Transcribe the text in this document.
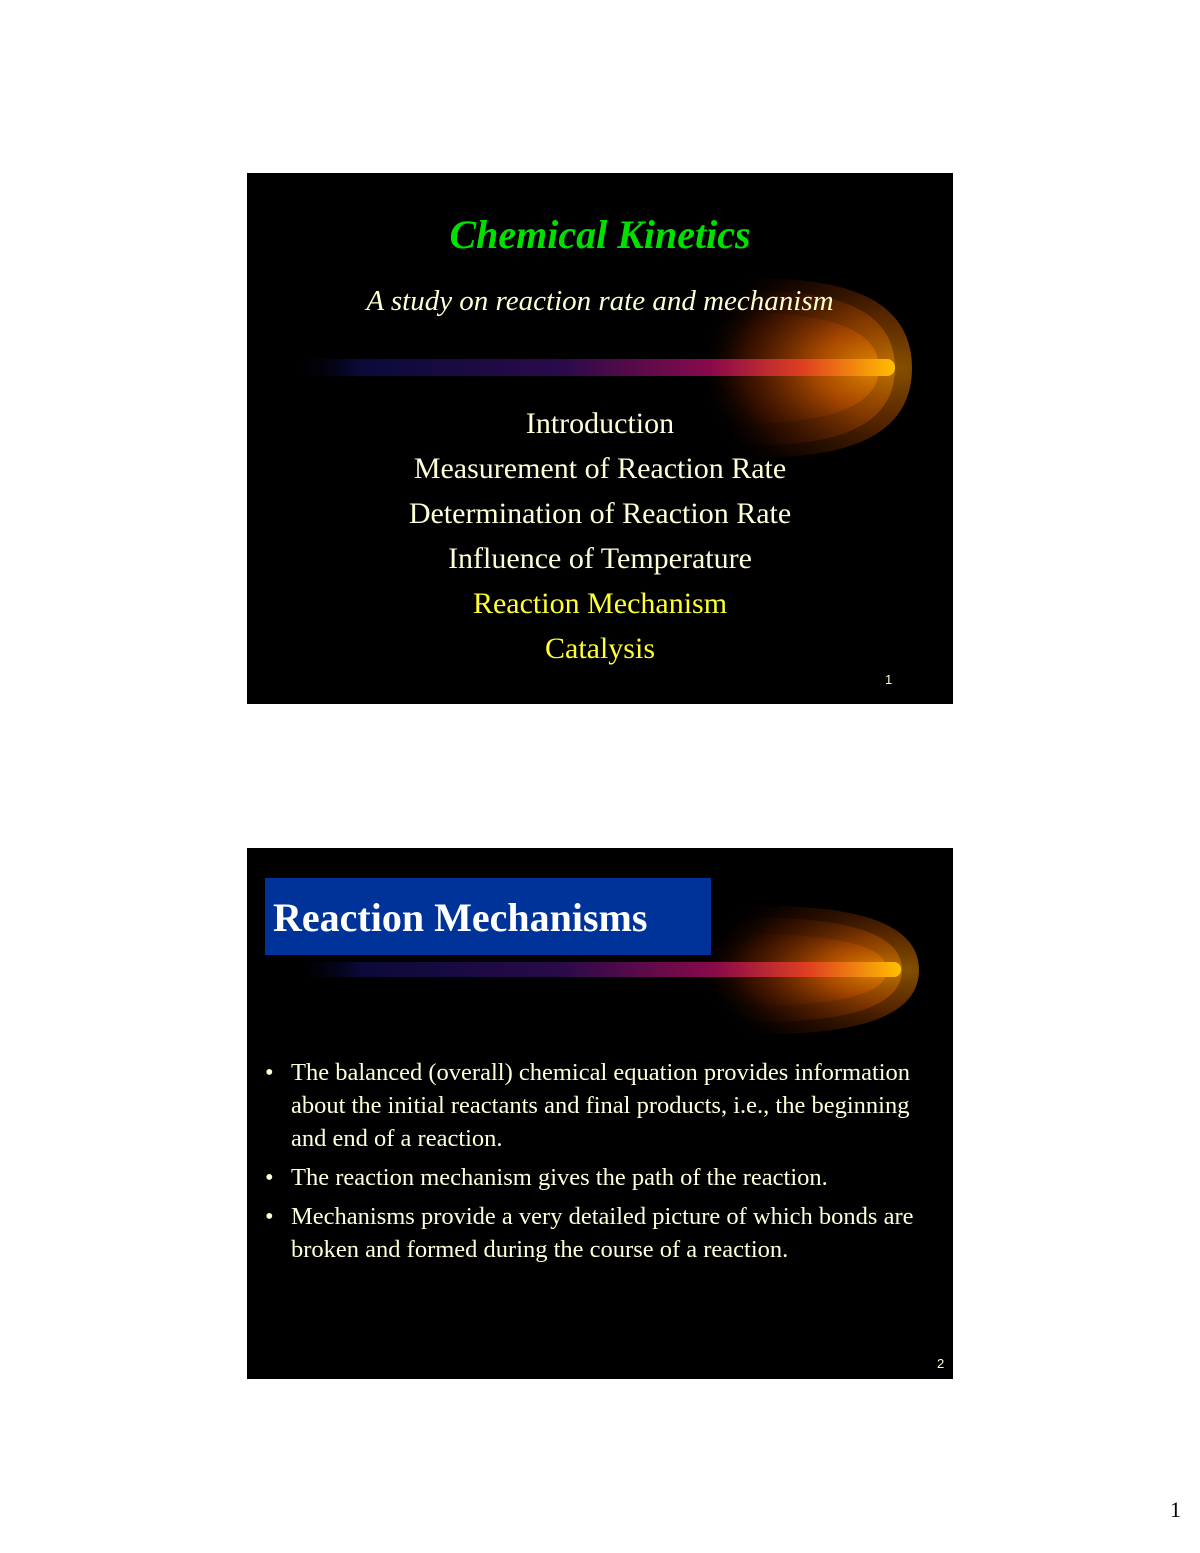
Chemical Kinetics
A study on reaction rate and mechanism
Introduction
Measurement of Reaction Rate
Determination of Reaction Rate
Influence of Temperature
Reaction Mechanism
Catalysis
1
Reaction Mechanisms
• The balanced (overall) chemical equation provides information about the initial reactants and final products, i.e., the beginning and end of a reaction.
• The reaction mechanism gives the path of the reaction.
• Mechanisms provide a very detailed picture of which bonds are broken and formed during the course of a reaction.
2
1
